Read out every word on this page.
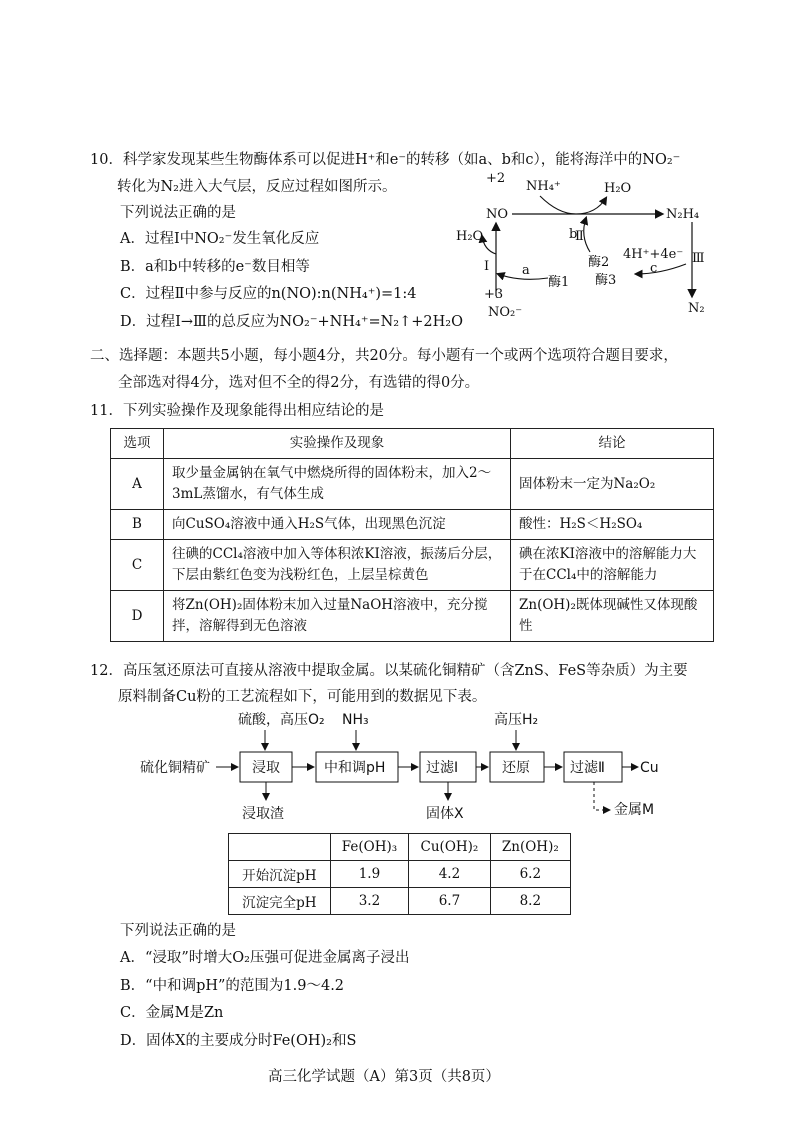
10．科学家发现某些生物酶体系可以促进H⁺和e⁻的转移（如a、b和c），能将海洋中的NO₂⁻
转化为N₂进入大气层，反应过程如图所示。
下列说法正确的是
A．过程Ⅰ中NO₂⁻发生氧化反应
B．a和b中转移的e⁻数目相等
C．过程Ⅱ中参与反应的n(NO):n(NH₄⁺)=1:4
D．过程Ⅰ→Ⅲ的总反应为NO₂⁻+NH₄⁺=N₂↑+2H₂O
NH₄⁺	H₂O
+2
NO	N₂H₄
H₂O
+3
NO₂⁻	N₂
Ⅱ
Ⅰ
Ⅲ
a
b
c
酶1
酶2
酶3
4H⁺+4e⁻
二、选择题：本题共5小题，每小题4分，共20分。每小题有一个或两个选项符合题目要求，
全部选对得4分，选对但不全的得2分，有选错的得0分。
11．下列实验操作及现象能得出相应结论的是
选项	实验操作及现象	结论
A	取少量金属钠在氧气中燃烧所得的固体粉末，加入2～3mL蒸馏水，有气体生成	固体粉末一定为Na₂O₂
B	向CuSO₄溶液中通入H₂S气体，出现黑色沉淀	酸性：H₂S＜H₂SO₄
C	往碘的CCl₄溶液中加入等体积浓KI溶液，振荡后分层，下层由紫红色变为浅粉红色，上层呈棕黄色	碘在浓KI溶液中的溶解能力大于在CCl₄中的溶解能力
D	将Zn(OH)₂固体粉末加入过量NaOH溶液中，充分搅拌，溶解得到无色溶液	Zn(OH)₂既体现碱性又体现酸性
12．高压氢还原法可直接从溶液中提取金属。以某硫化铜精矿（含ZnS、FeS等杂质）为主要
原料制备Cu粉的工艺流程如下，可能用到的数据见下表。
硫酸，高压O₂ NH₃	高压H₂
硫化铜精矿	浸取	中和调pH	过滤Ⅰ	还原	过滤Ⅱ	Cu
浸取渣	固体X	金属M
	Fe(OH)₃	Cu(OH)₂	Zn(OH)₂
开始沉淀pH	1.9	4.2	6.2
沉淀完全pH	3.2	6.7	8.2
下列说法正确的是
A．“浸取”时增大O₂压强可促进金属离子浸出
B．“中和调pH”的范围为1.9～4.2
C．金属M是Zn
D．固体X的主要成分时Fe(OH)₂和S
高三化学试题（A）第3页（共8页）
